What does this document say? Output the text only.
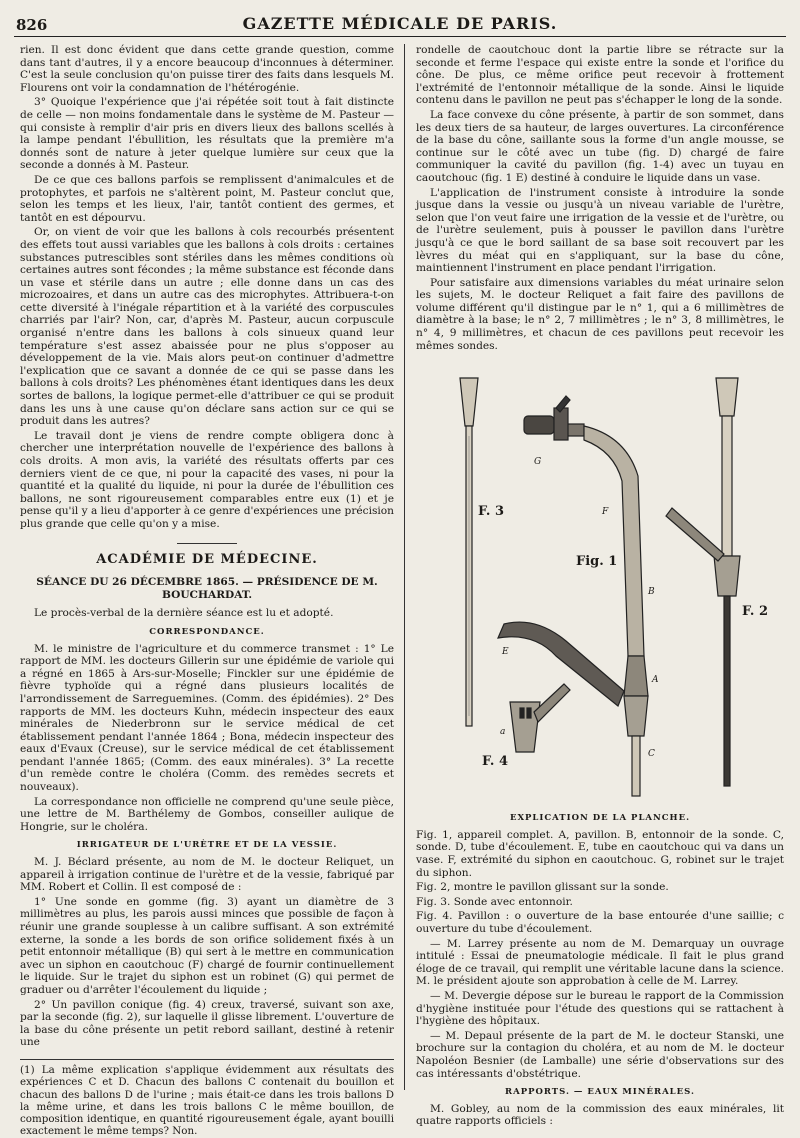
826	GAZETTE MÉDICALE DE PARIS.

rien. Il est donc évident que dans cette grande question, comme dans tant d'autres, il y a encore beaucoup d'inconnues à déterminer. C'est la seule conclusion qu'on puisse tirer des faits dans lesquels M. Flourens ont voir la condamnation de l'hétérogénie.

3° Quoique l'expérience que j'ai répétée soit tout à fait distincte de celle — non moins fondamentale dans le système de M. Pasteur — qui consiste à remplir d'air pris en divers lieux des ballons scellés à la lampe pendant l'ébullition, les résultats que la première m'a donnés sont de nature à jeter quelque lumière sur ceux que la seconde a donnés à M. Pasteur.

De ce que ces ballons parfois se remplissent d'animalcules et de protophytes, et parfois ne s'altèrent point, M. Pasteur conclut que, selon les temps et les lieux, l'air, tantôt contient des germes, et tantôt en est dépourvu.

Or, on vient de voir que les ballons à cols recourbés présentent des effets tout aussi variables que les ballons à cols droits : certaines substances putrescibles sont stériles dans les mêmes conditions où certaines autres sont fécondes ; la même substance est féconde dans un vase et stérile dans un autre ; elle donne dans un cas des microzoaires, et dans un autre cas des microphytes. Attribuera-t-on cette diversité à l'inégale répartition et à la variété des corpuscules charriés par l'air? Non, car, d'après M. Pasteur, aucun corpuscule organisé n'entre dans les ballons à cols sinueux quand leur température s'est assez abaissée pour ne plus s'opposer au développement de la vie. Mais alors peut-on continuer d'admettre l'explication que ce savant a donnée de ce qui se passe dans les ballons à cols droits? Les phénomènes étant identiques dans les deux sortes de ballons, la logique permet-elle d'attribuer ce qui se produit dans les uns à une cause qu'on déclare sans action sur ce qui se produit dans les autres?

Le travail dont je viens de rendre compte obligera donc à chercher une interprétation nouvelle de l'expérience des ballons à cols droits. A mon avis, la variété des résultats offerts par ces derniers vient de ce que, ni pour la capacité des vases, ni pour la quantité et la qualité du liquide, ni pour la durée de l'ébullition ces ballons, ne sont rigoureusement comparables entre eux (1) et je pense qu'il y a lieu d'apporter à ce genre d'expériences une précision plus grande que celle qu'on y a mise.

ACADÉMIE DE MÉDECINE.
SÉANCE DU 26 DÉCEMBRE 1865. — PRÉSIDENCE DE M. BOUCHARDAT.

Le procès-verbal de la dernière séance est lu et adopté.

CORRESPONDANCE.

M. le ministre de l'agriculture et du commerce transmet : 1° Le rapport de MM. les docteurs Gillerin sur une épidémie de variole qui a régné en 1865 à Ars-sur-Moselle; Finckler sur une épidémie de fièvre typhoïde qui a régné dans plusieurs localités de l'arrondissement de Sarreguemines. (Comm. des épidémies). 2° Des rapports de MM. les docteurs Kuhn, médecin inspecteur des eaux minérales de Niederbronn sur le service médical de cet établissement pendant l'année 1864 ; Bona, médecin inspecteur des eaux d'Evaux (Creuse), sur le service médical de cet établissement pendant l'année 1865; (Comm. des eaux minérales). 3° La recette d'un remède contre le choléra (Comm. des remèdes secrets et nouveaux).

La correspondance non officielle ne comprend qu'une seule pièce, une lettre de M. Barthélemy de Gombos, conseiller aulique de Hongrie, sur le choléra.

IRRIGATEUR DE L'URÈTRE ET DE LA VESSIE.

M. J. Béclard présente, au nom de M. le docteur Reliquet, un appareil à irrigation continue de l'urètre et de la vessie, fabriqué par MM. Robert et Collin. Il est composé de :

1° Une sonde en gomme (fig. 3) ayant un diamètre de 3 millimètres au plus, les parois aussi minces que possible de façon à réunir une grande souplesse à un calibre suffisant. A son extrémité externe, la sonde a les bords de son orifice solidement fixés à un petit entonnoir métallique (B) qui sert à le mettre en communication avec un siphon en caoutchouc (F) chargé de fournir continuellement le liquide. Sur le trajet du siphon est un robinet (G) qui permet de graduer ou d'arrêter l'écoulement du liquide ;

2° Un pavillon conique (fig. 4) creux, traversé, suivant son axe, par la seconde (fig. 2), sur laquelle il glisse librement. L'ouverture de la base du cône présente un petit rebord saillant, destiné à retenir une

(1) La même explication s'applique évidemment aux résultats des expériences C et D. Chacun des ballons C contenait du bouillon et chacun des ballons D de l'urine ; mais était-ce dans les trois ballons D la même urine, et dans les trois ballons C le même bouillon, de composition identique, en quantité rigoureusement égale, ayant bouilli exactement le même temps? Non.

rondelle de caoutchouc dont la partie libre se rétracte sur la seconde et ferme l'espace qui existe entre la sonde et l'orifice du cône. De plus, ce même orifice peut recevoir à frottement l'extrémité de l'entonnoir métallique de la sonde. Ainsi le liquide contenu dans le pavillon ne peut pas s'échapper le long de la sonde.

La face convexe du cône présente, à partir de son sommet, dans les deux tiers de sa hauteur, de larges ouvertures. La circonférence de la base du cône, saillante sous la forme d'un angle mousse, se continue sur le côté avec un tube (fig. D) chargé de faire communiquer la cavité du pavillon (fig. 1-4) avec un tuyau en caoutchouc (fig. 1 E) destiné à conduire le liquide dans un vase.

L'application de l'instrument consiste à introduire la sonde jusque dans la vessie ou jusqu'à un niveau variable de l'urètre, selon que l'on veut faire une irrigation de la vessie et de l'urètre, ou de l'urètre seulement, puis à pousser le pavillon dans l'urètre jusqu'à ce que le bord saillant de sa base soit recouvert par les lèvres du méat qui en s'appliquant, sur la base du cône, maintiennent l'instrument en place pendant l'irrigation.

Pour satisfaire aux dimensions variables du méat urinaire selon les sujets, M. le docteur Reliquet a fait faire des pavillons de volume différent qu'il distingue par le n° 1, qui a 6 millimètres de diamètre à la base; le n° 2, 7 millimètres ; le n° 3, 8 millimètres, le n° 4, 9 millimètres, et chacun de ces pavillons peut recevoir les mêmes sondes.

F. 3
Fig. 1
F. 2
F. 4
G
F
B
E
A
C
a
EXPLICATION DE LA PLANCHE.

Fig. 1, appareil complet. A, pavillon. B, entonnoir de la sonde. C, sonde. D, tube d'écoulement. E, tube en caoutchouc qui va dans un vase. F, extrémité du siphon en caoutchouc. G, robinet sur le trajet du siphon.

Fig. 2, montre le pavillon glissant sur la sonde.

Fig. 3. Sonde avec entonnoir.

Fig. 4. Pavillon : o ouverture de la base entourée d'une saillie; c ouverture du tube d'écoulement.

— M. Larrey présente au nom de M. Demarquay un ouvrage intitulé : Essai de pneumatologie médicale. Il fait le plus grand éloge de ce travail, qui remplit une véritable lacune dans la science. M. le président ajoute son approbation à celle de M. Larrey.

— M. Devergie dépose sur le bureau le rapport de la Commission d'hygiène instituée pour l'étude des questions qui se rattachent à l'hygiène des hôpitaux.

— M. Depaul présente de la part de M. le docteur Stanski, une brochure sur la contagion du choléra, et au nom de M. le docteur Napoléon Besnier (de Lamballe) une série d'observations sur des cas intéressants d'obstétrique.

RAPPORTS. — EAUX MINÉRALES.

M. Gobley, au nom de la commission des eaux minérales, lit quatre rapports officiels :
